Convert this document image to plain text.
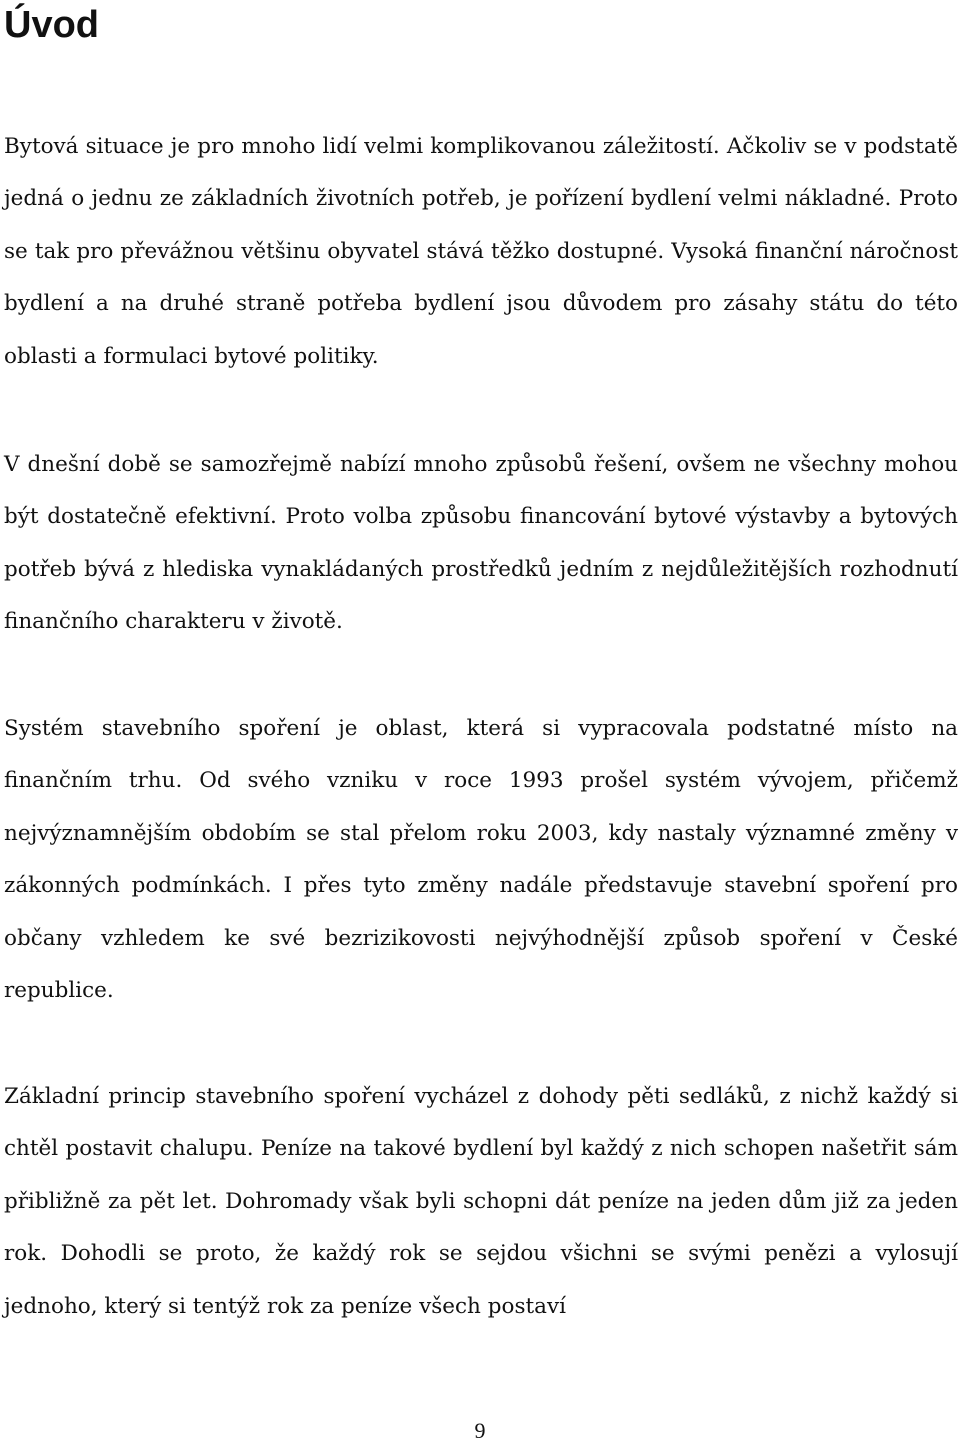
Úvod

Bytová situace je pro mnoho lidí velmi komplikovanou záležitostí. Ačkoliv se v podstatě jedná o jednu ze základních životních potřeb, je pořízení bydlení velmi nákladné. Proto se tak pro převážnou většinu obyvatel stává těžko dostupné. Vysoká finanční náročnost bydlení a na druhé straně potřeba bydlení jsou důvodem pro zásahy státu do této oblasti a formulaci bytové politiky.

V dnešní době se samozřejmě nabízí mnoho způsobů řešení, ovšem ne všechny mohou být dostatečně efektivní. Proto volba způsobu financování bytové výstavby a bytových potřeb bývá z hlediska vynakládaných prostředků jedním z nejdůležitějších rozhodnutí finančního charakteru v životě.

Systém stavebního spoření je oblast, která si vypracovala podstatné místo na finančním trhu. Od svého vzniku v roce 1993 prošel systém vývojem, přičemž nejvýznamnějším obdobím se stal přelom roku 2003, kdy nastaly významné změny v zákonných podmínkách. I přes tyto změny nadále představuje stavební spoření pro občany vzhledem ke své bezrizikovosti nejvýhodnější způsob spoření v České republice.

Základní princip stavebního spoření vycházel z dohody pěti sedláků, z nichž každý si chtěl postavit chalupu. Peníze na takové bydlení byl každý z nich schopen našetřit sám přibližně za pět let. Dohromady však byli schopni dát peníze na jeden dům již za jeden rok. Dohodli se proto, že každý rok se sejdou všichni se svými penězi a vylosují jednoho, který si tentýž rok za peníze všech postaví

9
